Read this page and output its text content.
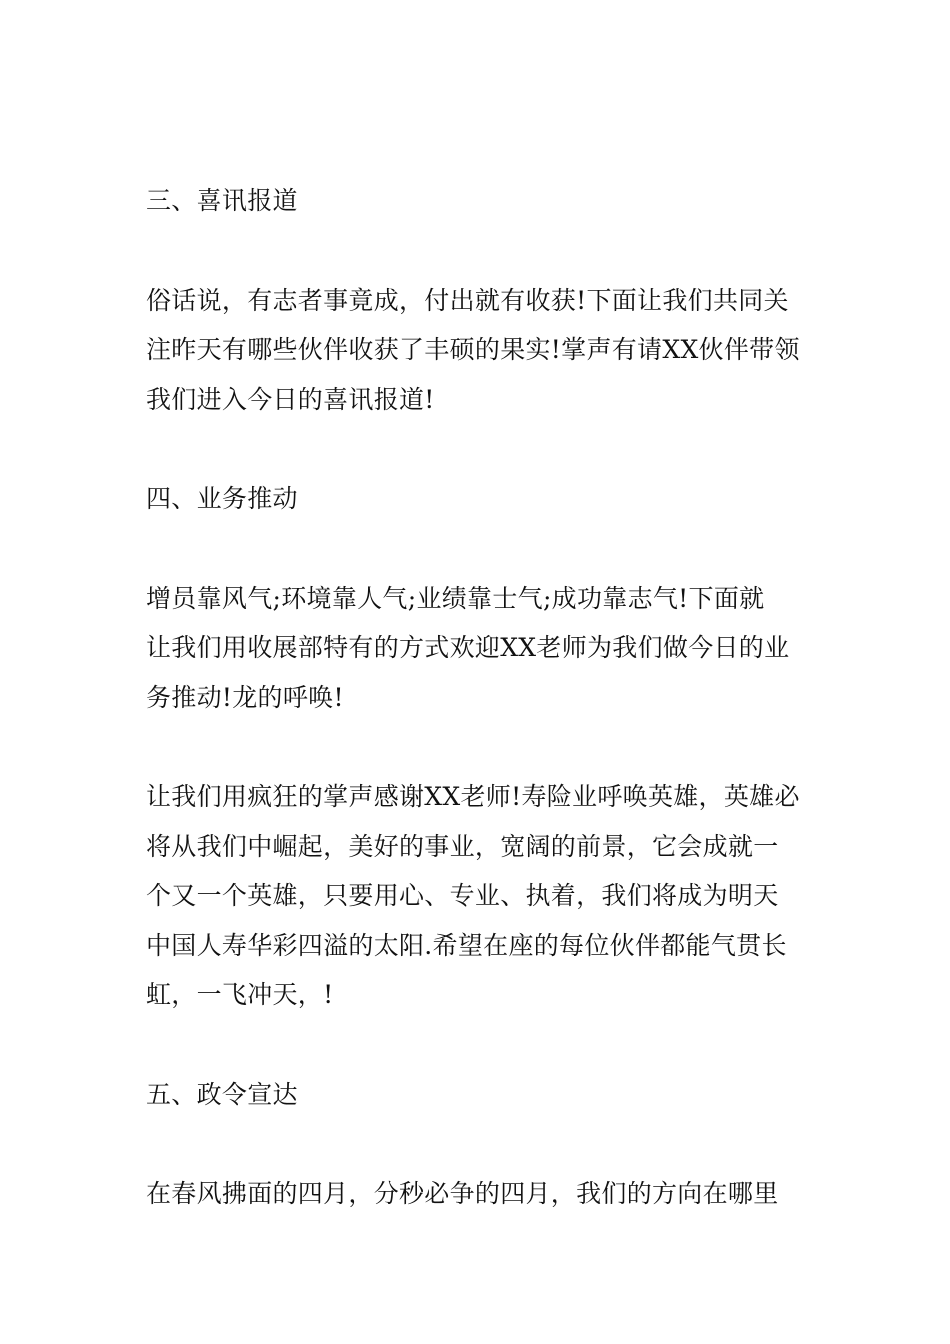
三、喜讯报道

俗话说，有志者事竟成，付出就有收获!下面让我们共同关
注昨天有哪些伙伴收获了丰硕的果实!掌声有请XX伙伴带领
我们进入今日的喜讯报道!

四、业务推动

增员靠风气;环境靠人气;业绩靠士气;成功靠志气!下面就
让我们用收展部特有的方式欢迎XX老师为我们做今日的业
务推动!龙的呼唤!

让我们用疯狂的掌声感谢XX老师!寿险业呼唤英雄，英雄必
将从我们中崛起，美好的事业，宽阔的前景，它会成就一
个又一个英雄，只要用心、专业、执着，我们将成为明天
中国人寿华彩四溢的太阳.希望在座的每位伙伴都能气贯长
虹，一飞冲天，!

五、政令宣达

在春风拂面的四月，分秒必争的四月，我们的方向在哪里
